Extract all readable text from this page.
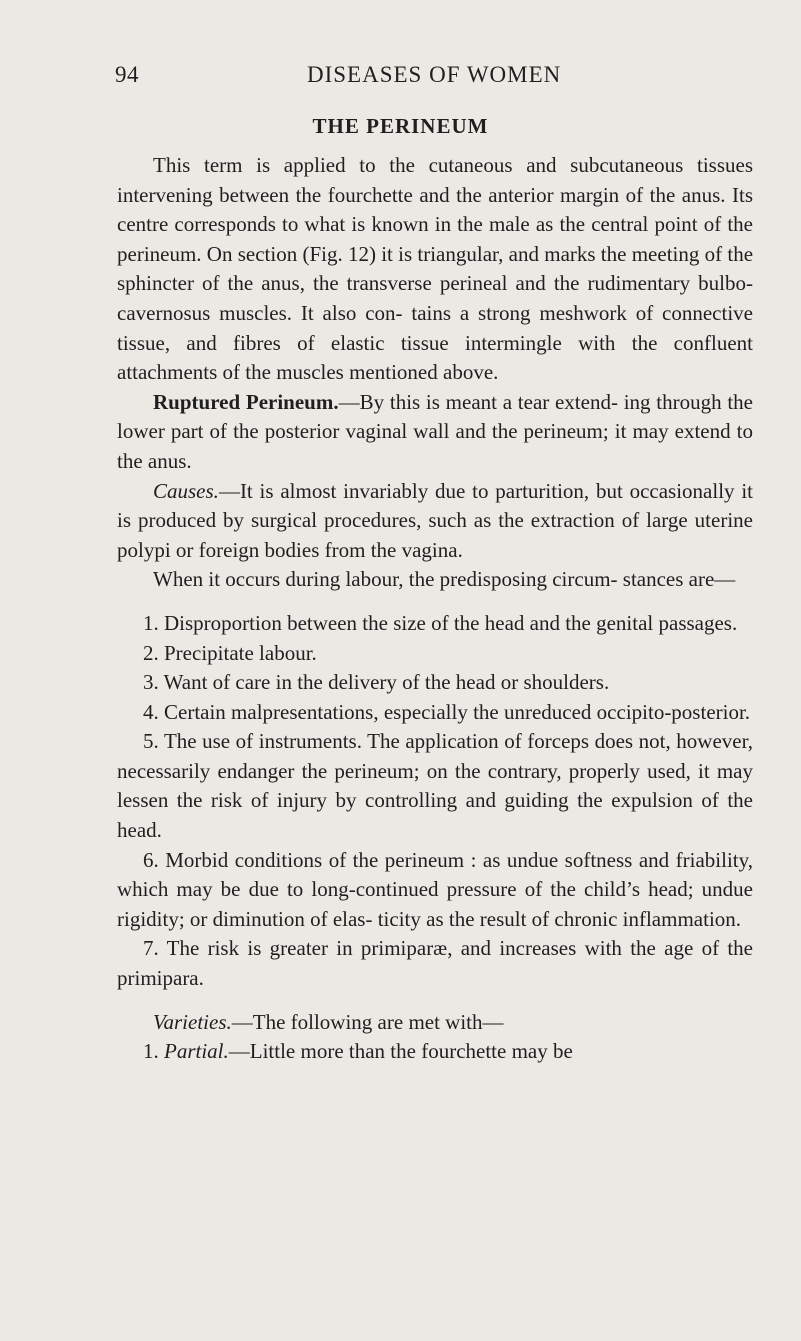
94	DISEASES OF WOMEN
THE PERINEUM

This term is applied to the cutaneous and subcutaneous tissues intervening between the fourchette and the anterior margin of the anus. Its centre corresponds to what is known in the male as the central point of the perineum. On section (Fig. 12) it is triangular, and marks the meeting of the sphincter of the anus, the transverse perineal and the rudimentary bulbo-cavernosus muscles. It also con- tains a strong meshwork of connective tissue, and fibres of elastic tissue intermingle with the confluent attachments of the muscles mentioned above.

Ruptured Perineum.—By this is meant a tear extend- ing through the lower part of the posterior vaginal wall and the perineum; it may extend to the anus.

Causes.—It is almost invariably due to parturition, but occasionally it is produced by surgical procedures, such as the extraction of large uterine polypi or foreign bodies from the vagina.

When it occurs during labour, the predisposing circum- stances are—

1. Disproportion between the size of the head and the genital passages.

2. Precipitate labour.

3. Want of care in the delivery of the head or shoulders.

4. Certain malpresentations, especially the unreduced occipito-posterior.

5. The use of instruments. The application of forceps does not, however, necessarily endanger the perineum; on the contrary, properly used, it may lessen the risk of injury by controlling and guiding the expulsion of the head.

6. Morbid conditions of the perineum : as undue softness and friability, which may be due to long-continued pressure of the child’s head; undue rigidity; or diminution of elas- ticity as the result of chronic inflammation.

7. The risk is greater in primiparæ, and increases with the age of the primipara.

Varieties.—The following are met with—

1. Partial.—Little more than the fourchette may be
